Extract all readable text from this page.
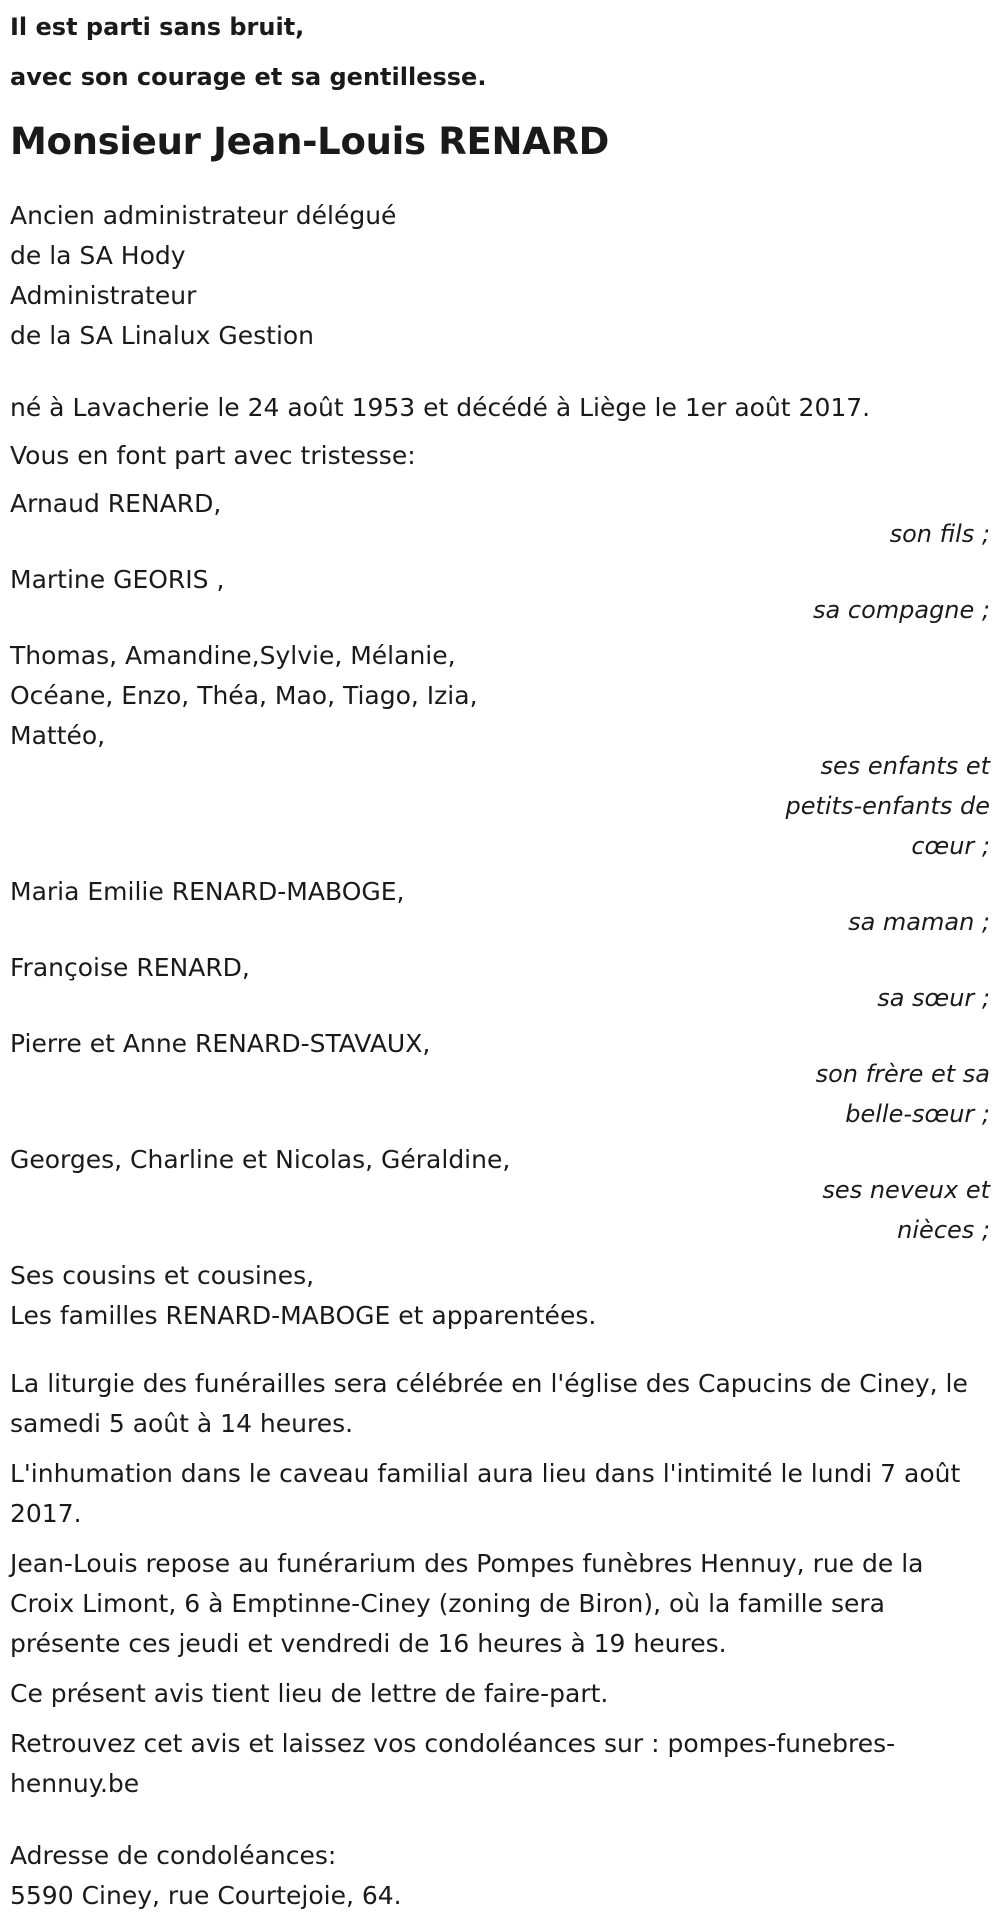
Il est parti sans bruit,

avec son courage et sa gentillesse.

Monsieur Jean-Louis RENARD

Ancien administrateur délégué

de la SA Hody

Administrateur

de la SA Linalux Gestion

né à Lavacherie le 24 août 1953 et décédé à Liège le 1er août 2017.

Vous en font part avec tristesse:

Arnaud RENARD,
son fils ;
Martine GEORIS ,
sa compagne ;
Thomas, Amandine,Sylvie, Mélanie,
Océane, Enzo, Théa, Mao, Tiago, Izia,
Mattéo,
ses enfants et petits-enfants de cœur ;
Maria Emilie RENARD-MABOGE,
sa maman ;
Françoise RENARD,
sa sœur ;
Pierre et Anne RENARD-STAVAUX,
son frère et sa belle-sœur ;
Georges, Charline et Nicolas, Géraldine,
ses neveux et nièces ;

Ses cousins et cousines,

Les familles RENARD-MABOGE et apparentées.

La liturgie des funérailles sera célébrée en l'église des Capucins de Ciney, le samedi 5 août à 14 heures.

L'inhumation dans le caveau familial aura lieu dans l'intimité le lundi 7 août 2017.

Jean-Louis repose au funérarium des Pompes funèbres Hennuy, rue de la Croix Limont, 6 à Emptinne-Ciney (zoning de Biron), où la famille sera présente ces jeudi et vendredi de 16 heures à 19 heures.

Ce présent avis tient lieu de lettre de faire-part.

Retrouvez cet avis et laissez vos condoléances sur : pompes-funebres-hennuy.be

Adresse de condoléances:

5590 Ciney, rue Courtejoie, 64.
